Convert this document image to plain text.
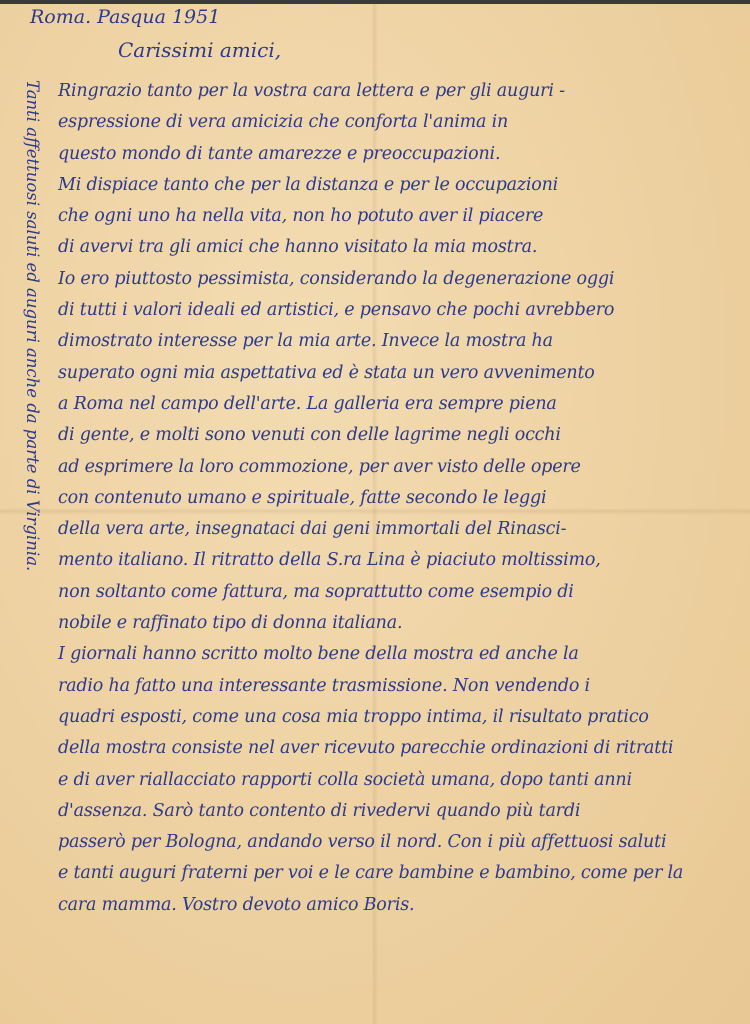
Roma. Pasqua 1951
Carissimi amici,
Ringrazio tanto per la vostra cara lettera e per gli auguri -
espressione di vera amicizia che conforta l'anima in
questo mondo di tante amarezze e preoccupazioni.
Mi dispiace tanto che per la distanza e per le occupazioni
che ogni uno ha nella vita, non ho potuto aver il piacere
di avervi tra gli amici che hanno visitato la mia mostra.
Io ero piuttosto pessimista, considerando la degenerazione oggi
di tutti i valori ideali ed artistici, e pensavo che pochi avrebbero
dimostrato interesse per la mia arte. Invece la mostra ha
superato ogni mia aspettativa ed è stata un vero avvenimento
a Roma nel campo dell'arte. La galleria era sempre piena
di gente, e molti sono venuti con delle lagrime negli occhi
ad esprimere la loro commozione, per aver visto delle opere
con contenuto umano e spirituale, fatte secondo le leggi
della vera arte, insegnataci dai geni immortali del Rinasci-
mento italiano. Il ritratto della S.ra Lina è piaciuto moltissimo,
non soltanto come fattura, ma soprattutto come esempio di
nobile e raffinato tipo di donna italiana.
I giornali hanno scritto molto bene della mostra ed anche la
radio ha fatto una interessante trasmissione. Non vendendo i
quadri esposti, come una cosa mia troppo intima, il risultato pratico
della mostra consiste nel aver ricevuto parecchie ordinazioni di ritratti
e di aver riallacciato rapporti colla società umana, dopo tanti anni
d'assenza. Sarò tanto contento di rivedervi quando più tardi
passerò per Bologna, andando verso il nord. Con i più affettuosi saluti
e tanti auguri fraterni per voi e le care bambine e bambino, come per la
cara mamma. Vostro devoto amico Boris.
Tanti affettuosi saluti ed auguri anche da parte di Virginia.
